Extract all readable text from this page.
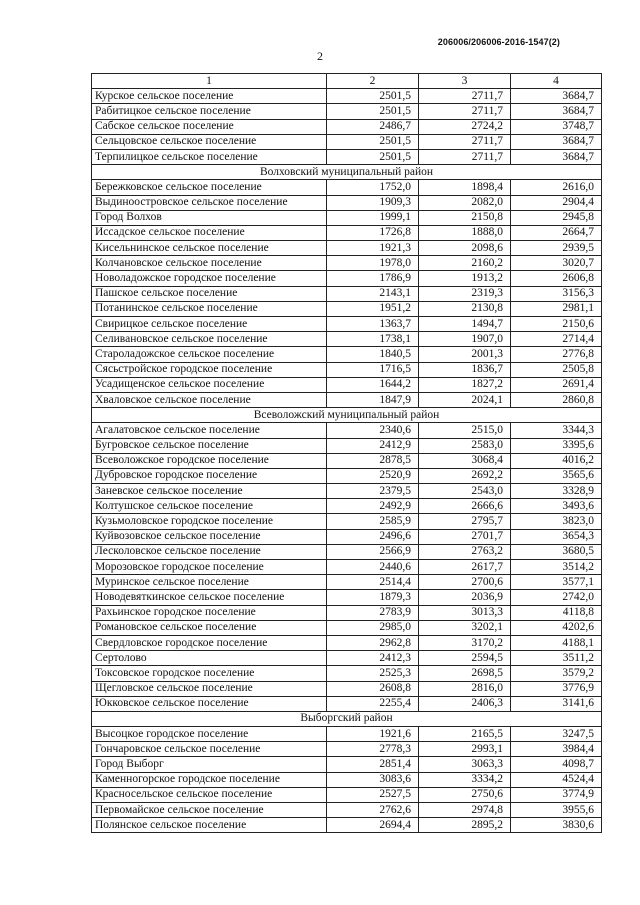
206006/206006-2016-1547(2)
2
1	2	3	4
Курское сельское поселение	2501,5	2711,7	3684,7
Рабитицкое сельское поселение	2501,5	2711,7	3684,7
Сабское сельское поселение	2486,7	2724,2	3748,7
Сельцовское сельское поселение	2501,5	2711,7	3684,7
Терпилицкое сельское поселение	2501,5	2711,7	3684,7
Волховский муниципальный район			
Бережковское сельское поселение	1752,0	1898,4	2616,0
Выдиноостровское сельское поселение	1909,3	2082,0	2904,4
Город Волхов	1999,1	2150,8	2945,8
Иссадское сельское поселение	1726,8	1888,0	2664,7
Кисельнинское сельское поселение	1921,3	2098,6	2939,5
Колчановское сельское поселение	1978,0	2160,2	3020,7
Новоладожское городское поселение	1786,9	1913,2	2606,8
Пашское сельское поселение	2143,1	2319,3	3156,3
Потанинское сельское поселение	1951,2	2130,8	2981,1
Свирицкое сельское поселение	1363,7	1494,7	2150,6
Селивановское сельское поселение	1738,1	1907,0	2714,4
Староладожское сельское поселение	1840,5	2001,3	2776,8
Сясьстройское городское поселение	1716,5	1836,7	2505,8
Усадищенское сельское поселение	1644,2	1827,2	2691,4
Хваловское сельское поселение	1847,9	2024,1	2860,8
Всеволожский муниципальный район			
Агалатовское сельское поселение	2340,6	2515,0	3344,3
Бугровское сельское поселение	2412,9	2583,0	3395,6
Всеволожское городское поселение	2878,5	3068,4	4016,2
Дубровское городское поселение	2520,9	2692,2	3565,6
Заневское сельское поселение	2379,5	2543,0	3328,9
Колтушское сельское поселение	2492,9	2666,6	3493,6
Кузьмоловское городское поселение	2585,9	2795,7	3823,0
Куйвозовское сельское поселение	2496,6	2701,7	3654,3
Лесколовское сельское поселение	2566,9	2763,2	3680,5
Морозовское городское поселение	2440,6	2617,7	3514,2
Муринское сельское поселение	2514,4	2700,6	3577,1
Новодевяткинское сельское поселение	1879,3	2036,9	2742,0
Рахьинское городское поселение	2783,9	3013,3	4118,8
Романовское сельское поселение	2985,0	3202,1	4202,6
Свердловское городское поселение	2962,8	3170,2	4188,1
Сертолово	2412,3	2594,5	3511,2
Токсовское городское поселение	2525,3	2698,5	3579,2
Щегловское сельское поселение	2608,8	2816,0	3776,9
Юкковское сельское поселение	2255,4	2406,3	3141,6
Выборгский район			
Высоцкое городское поселение	1921,6	2165,5	3247,5
Гончаровское сельское поселение	2778,3	2993,1	3984,4
Город Выборг	2851,4	3063,3	4098,7
Каменногорское городское поселение	3083,6	3334,2	4524,4
Красносельское сельское поселение	2527,5	2750,6	3774,9
Первомайское сельское поселение	2762,6	2974,8	3955,6
Полянское сельское поселение	2694,4	2895,2	3830,6
